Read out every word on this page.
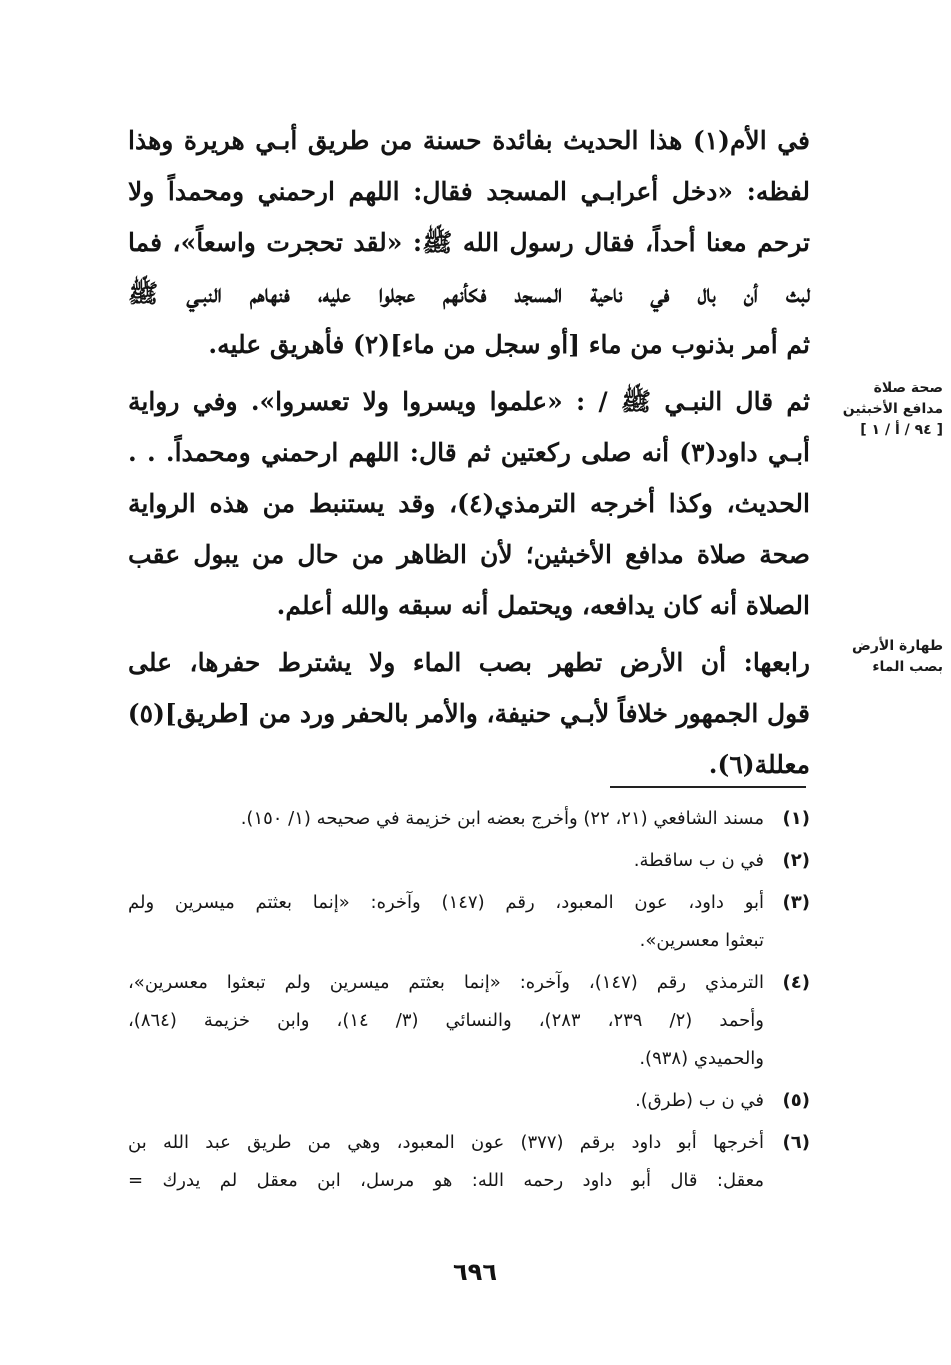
في الأم(١) هذا الحديث بفائدة حسنة من طريق أبـي هريرة وهذا
لفظه: «دخل أعرابـي المسجد فقال: اللهم ارحمني ومحمداً ولا
ترحم معنا أحداً، فقال رسول الله ﷺ: «لقد تحجرت واسعاً»، فما
لبث أن بال في ناحية المسجد فكأنهم عجلوا عليه، فنهاهم النبـي ﷺ
ثم أمر بذنوب من ماء [أو سجل من ماء](٢) فأهريق عليه.

ثم قال النبـي ﷺ / : «علموا ويسروا ولا تعسروا». وفي رواية
أبـي داود(٣) أنه صلى ركعتين ثم قال: اللهم ارحمني ومحمداً. . .
الحديث، وكذا أخرجه الترمذي(٤)، وقد يستنبط من هذه الرواية
صحة صلاة مدافع الأخبثين؛ لأن الظاهر من حال من يبول عقب
الصلاة أنه كان يدافعه، ويحتمل أنه سبقه والله أعلم.

رابعها: أن الأرض تطهر بصب الماء ولا يشترط حفرها، على
قول الجمهور خلافاً لأبـي حنيفة، والأمر بالحفر ورد من [طريق](٥)
معللة(٦).

صحة صلاة
مدافع الأخبثين
[ ٩٤ / أ / ١ ]
طهارة الأرض
بصب الماء
(١)
مسند الشافعي (٢١، ٢٢) وأخرج بعضه ابن خزيمة في صحيحه (١/ ١٥٠).
(٢)
في ن ب ساقطة.
(٣)
أبو داود، عون المعبود، رقم (١٤٧) وآخره: «إنما بعثتم ميسرين ولم
تبعثوا معسرين».
(٤)
الترمذي رقم (١٤٧)، وآخره: «إنما بعثتم ميسرين ولم تبعثوا معسرين»،
وأحمد (٢/ ٢٣٩، ٢٨٣)، والنسائي (٣/ ١٤)، وابن خزيمة (٨٦٤)،
والحميدي (٩٣٨).
(٥)
في ن ب (طرق).
(٦)
أخرجها أبو داود برقم (٣٧٧) عون المعبود، وهي من طريق عبد الله بن
معقل: قال أبو داود رحمه الله: هو مرسل، ابن معقل لم يدرك =
٦٩٦
